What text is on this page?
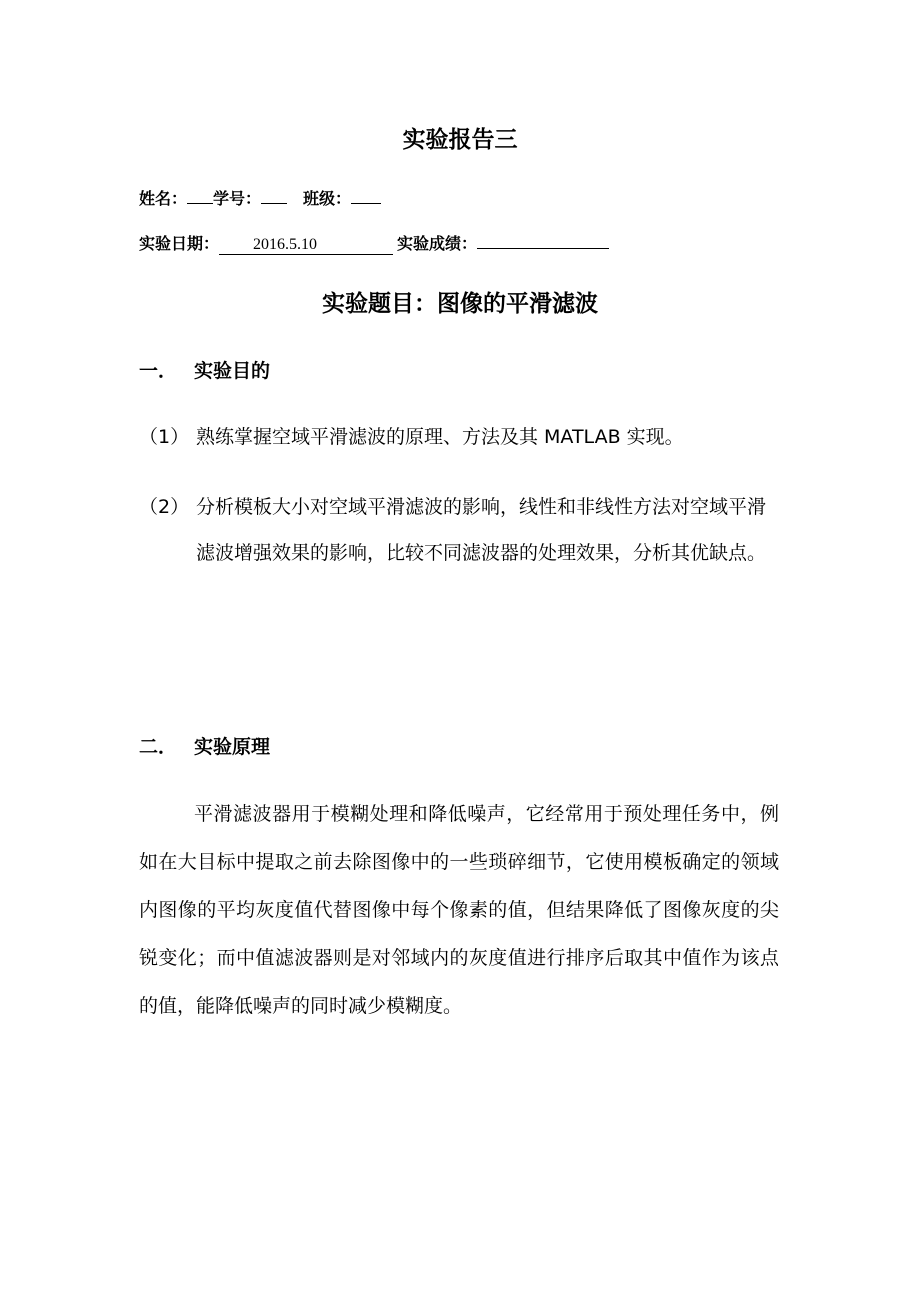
实验报告三
姓名： 学号：	班级：
实验日期： 2016.5.10	实验成绩：
实验题目：图像的平滑滤波
一． 实验目的
（1） 熟练掌握空域平滑滤波的原理、方法及其 MATLAB 实现。
（2） 分析模板大小对空域平滑滤波的影响，线性和非线性方法对空域平滑滤波增强效果的影响，比较不同滤波器的处理效果，分析其优缺点。
二． 实验原理
平滑滤波器用于模糊处理和降低噪声，它经常用于预处理任务中，例如在大目标中提取之前去除图像中的一些琐碎细节，它使用模板确定的领域内图像的平均灰度值代替图像中每个像素的值，但结果降低了图像灰度的尖锐变化；而中值滤波器则是对邻域内的灰度值进行排序后取其中值作为该点的值，能降低噪声的同时减少模糊度。
